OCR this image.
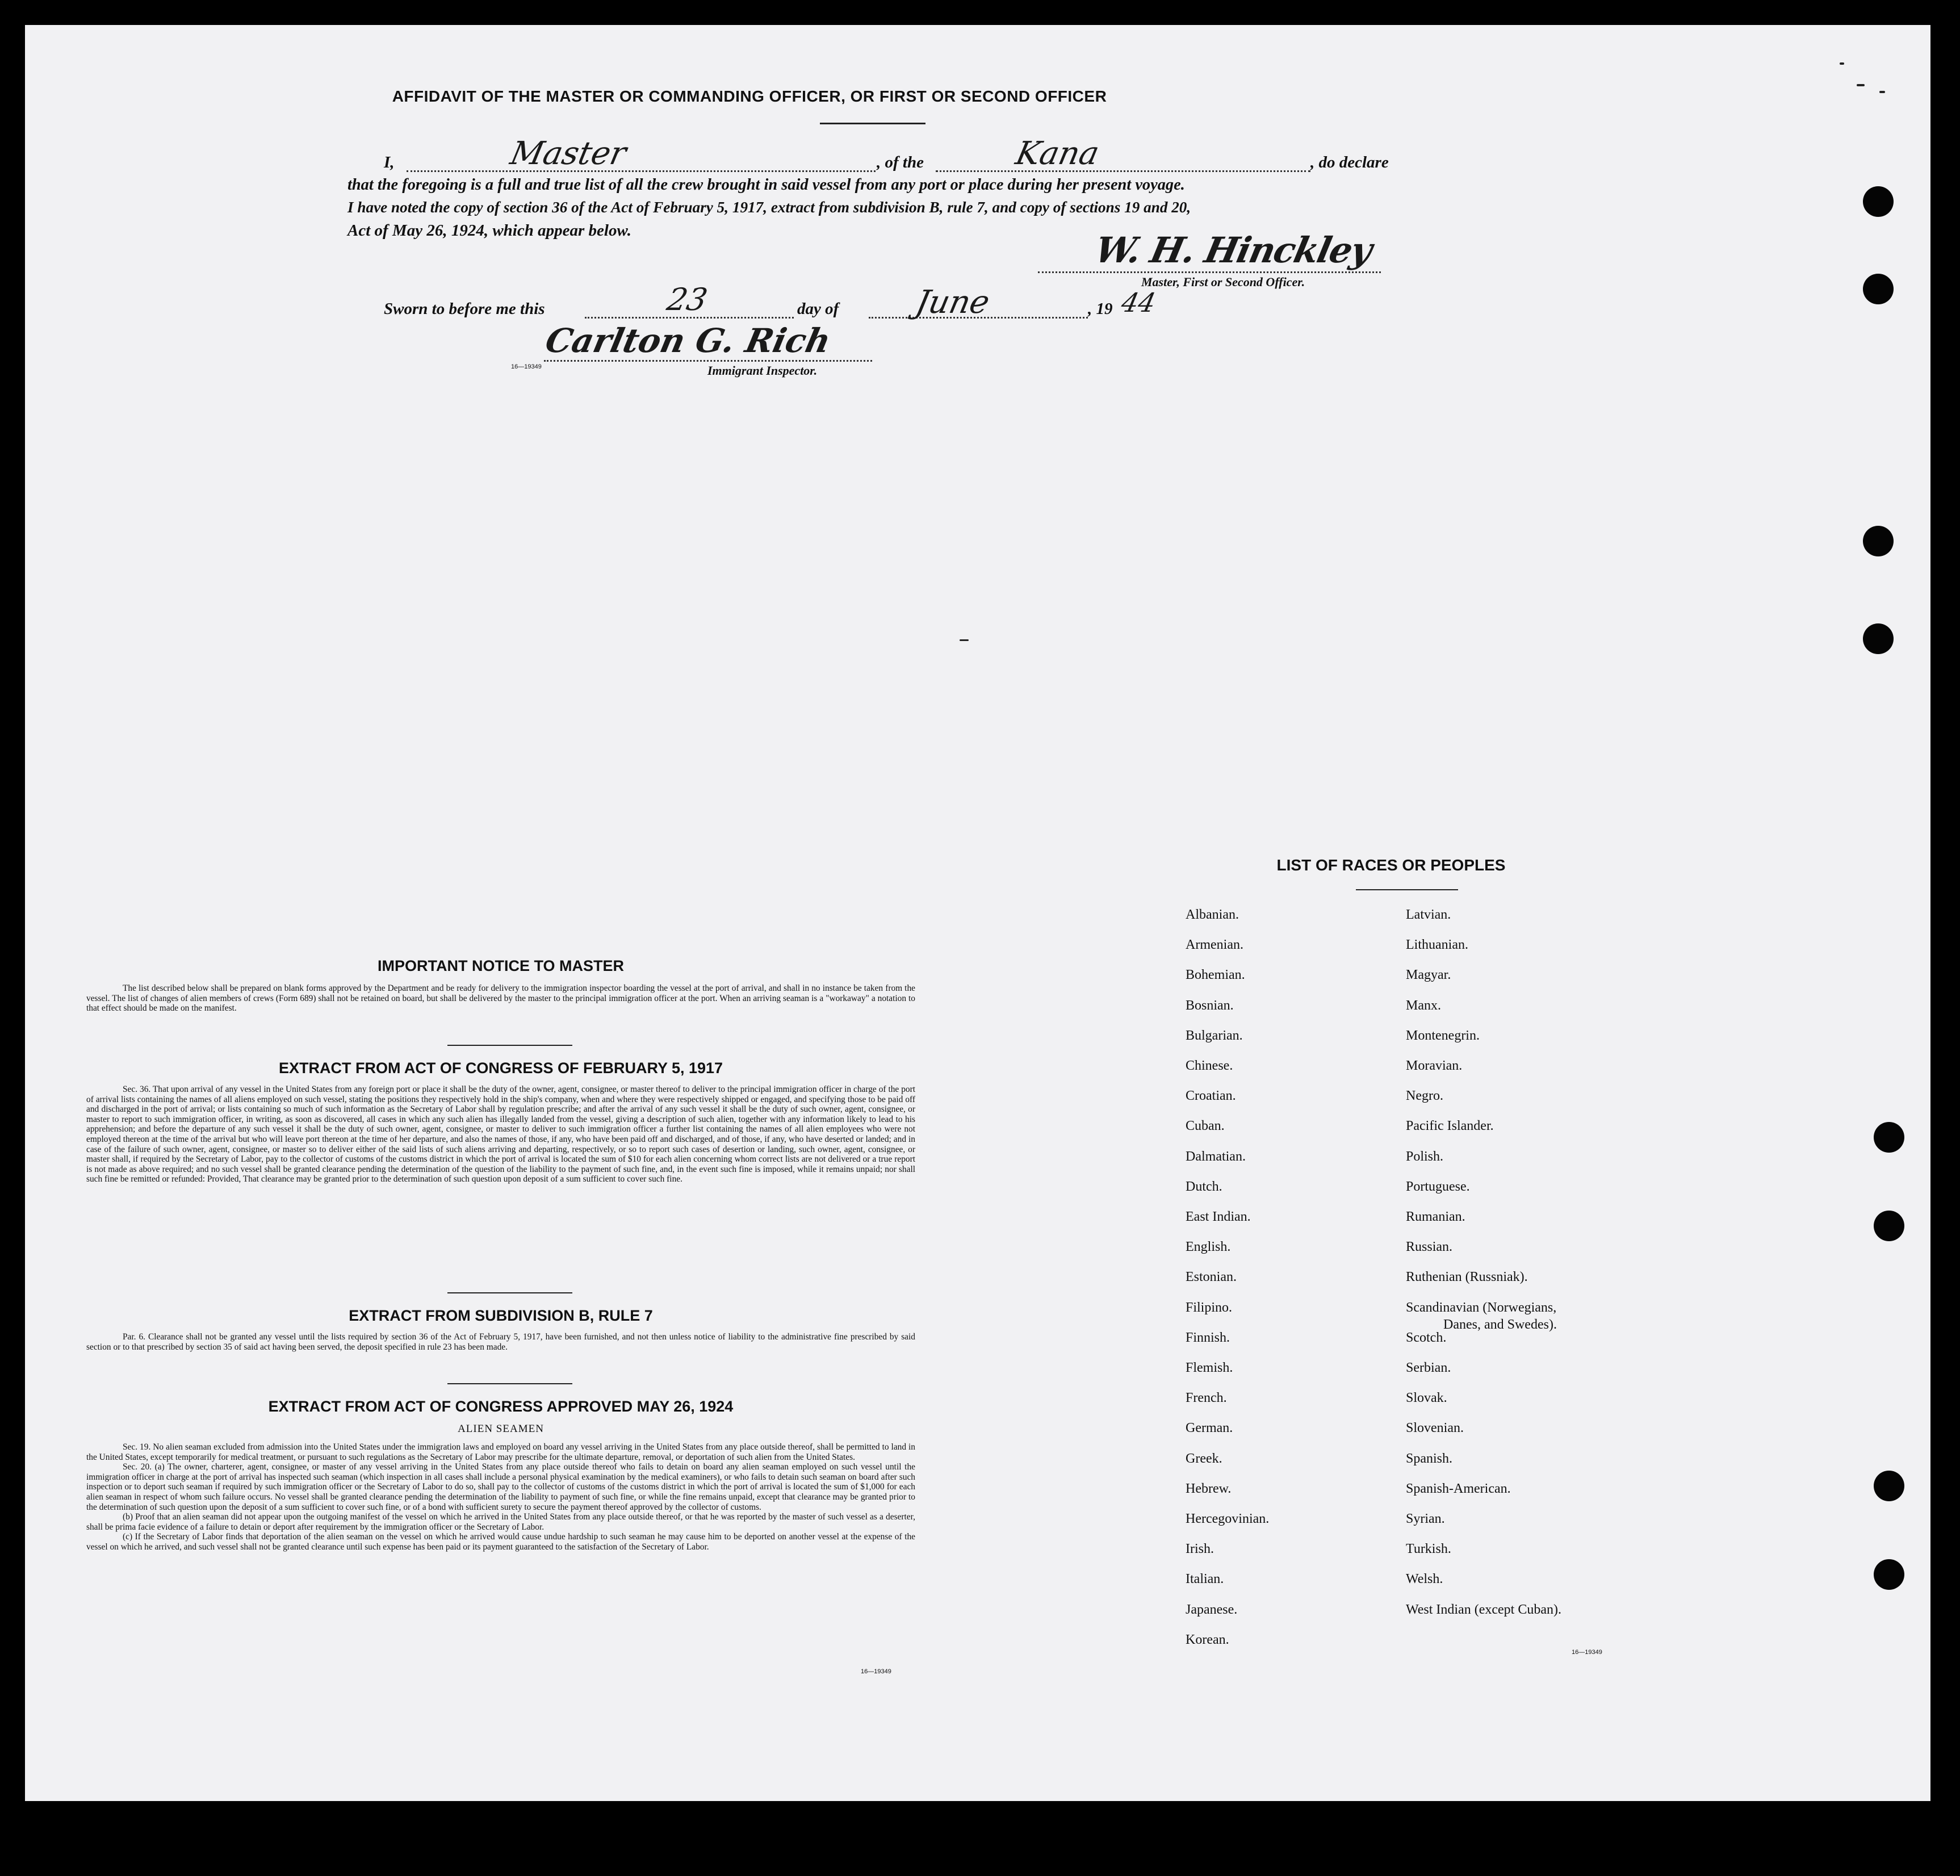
AFFIDAVIT OF THE MASTER OR COMMANDING OFFICER, OR FIRST OR SECOND OFFICER
I,	Master	, of the	Kana	, do declare
that the foregoing is a full and true list of all the crew brought in said vessel from any port or place during her present voyage.
I have noted the copy of section 36 of the Act of February 5, 1917, extract from subdivision B, rule 7, and copy of sections 19 and 20,
Act of May 26, 1924, which appear below.	W. H. Hinckley
Master, First or Second Officer.
Sworn to before me this	23	day of June	, 19 44
Carlton G. Rich
16—19349	Immigrant Inspector.
IMPORTANT NOTICE TO MASTER
The list described below shall be prepared on blank forms approved by the Department and be ready for delivery to the immigration inspector boarding the vessel at the port of arrival, and shall in no instance be taken from the vessel. The list of changes of alien members of crews (Form 689) shall not be retained on board, but shall be delivered by the master to the principal immigration officer at the port. When an arriving seaman is a "workaway" a notation to that effect should be made on the manifest.
EXTRACT FROM ACT OF CONGRESS OF FEBRUARY 5, 1917
Sec. 36. That upon arrival of any vessel in the United States from any foreign port or place it shall be the duty of the owner, agent, consignee, or master thereof to deliver to the principal immigration officer in charge of the port of arrival lists containing the names of all aliens employed on such vessel, stating the positions they respectively hold in the ship's company, when and where they were respectively shipped or engaged, and specifying those to be paid off and discharged in the port of arrival; or lists containing so much of such information as the Secretary of Labor shall by regulation prescribe; and after the arrival of any such vessel it shall be the duty of such owner, agent, consignee, or master to report to such immigration officer, in writing, as soon as discovered, all cases in which any such alien has illegally landed from the vessel, giving a description of such alien, together with any information likely to lead to his apprehension; and before the departure of any such vessel it shall be the duty of such owner, agent, consignee, or master to deliver to such immigration officer a further list containing the names of all alien employees who were not employed thereon at the time of the arrival but who will leave port thereon at the time of her departure, and also the names of those, if any, who have been paid off and discharged, and of those, if any, who have deserted or landed; and in case of the failure of such owner, agent, consignee, or master so to deliver either of the said lists of such aliens arriving and departing, respectively, or so to report such cases of desertion or landing, such owner, agent, consignee, or master shall, if required by the Secretary of Labor, pay to the collector of customs of the customs district in which the port of arrival is located the sum of $10 for each alien concerning whom correct lists are not delivered or a true report is not made as above required; and no such vessel shall be granted clearance pending the determination of the question of the liability to the payment of such fine, and, in the event such fine is imposed, while it remains unpaid; nor shall such fine be remitted or refunded: Provided, That clearance may be granted prior to the determination of such question upon deposit of a sum sufficient to cover such fine.
EXTRACT FROM SUBDIVISION B, RULE 7
Par. 6. Clearance shall not be granted any vessel until the lists required by section 36 of the Act of February 5, 1917, have been furnished, and not then unless notice of liability to the administrative fine prescribed by said section or to that prescribed by section 35 of said act having been served, the deposit specified in rule 23 has been made.
EXTRACT FROM ACT OF CONGRESS APPROVED MAY 26, 1924
ALIEN SEAMEN
Sec. 19. No alien seaman excluded from admission into the United States under the immigration laws and employed on board any vessel arriving in the United States from any place outside thereof, shall be permitted to land in the United States, except temporarily for medical treatment, or pursuant to such regulations as the Secretary of Labor may prescribe for the ultimate departure, removal, or deportation of such alien from the United States.
Sec. 20. (a) The owner, charterer, agent, consignee, or master of any vessel arriving in the United States from any place outside thereof who fails to detain on board any alien seaman employed on such vessel until the immigration officer in charge at the port of arrival has inspected such seaman (which inspection in all cases shall include a personal physical examination by the medical examiners), or who fails to detain such seaman on board after such inspection or to deport such seaman if required by such immigration officer or the Secretary of Labor to do so, shall pay to the collector of customs of the customs district in which the port of arrival is located the sum of $1,000 for each alien seaman in respect of whom such failure occurs. No vessel shall be granted clearance pending the determination of the liability to payment of such fine, or while the fine remains unpaid, except that clearance may be granted prior to the determination of such question upon the deposit of a sum sufficient to cover such fine, or of a bond with sufficient surety to secure the payment thereof approved by the collector of customs.
(b) Proof that an alien seaman did not appear upon the outgoing manifest of the vessel on which he arrived in the United States from any place outside thereof, or that he was reported by the master of such vessel as a deserter, shall be prima facie evidence of a failure to detain or deport after requirement by the immigration officer or the Secretary of Labor.
(c) If the Secretary of Labor finds that deportation of the alien seaman on the vessel on which he arrived would cause undue hardship to such seaman he may cause him to be deported on another vessel at the expense of the vessel on which he arrived, and such vessel shall not be granted clearance until such expense has been paid or its payment guaranteed to the satisfaction of the Secretary of Labor.
16—19349
LIST OF RACES OR PEOPLES
Albanian.
Armenian.
Bohemian.
Bosnian.
Bulgarian.
Chinese.
Croatian.
Cuban.
Dalmatian.
Dutch.
East Indian.
English.
Estonian.
Filipino.
Finnish.
Flemish.
French.
German.
Greek.
Hebrew.
Hercegovinian.
Irish.
Italian.
Japanese.
Korean.
Latvian.
Lithuanian.
Magyar.
Manx.
Montenegrin.
Moravian.
Negro.
Pacific Islander.
Polish.
Portuguese.
Rumanian.
Russian.
Ruthenian (Russniak).
Scandinavian (Norwegians,
Danes, and Swedes).
Scotch.
Serbian.
Slovak.
Slovenian.
Spanish.
Spanish-American.
Syrian.
Turkish.
Welsh.
West Indian (except Cuban).
16—19349
